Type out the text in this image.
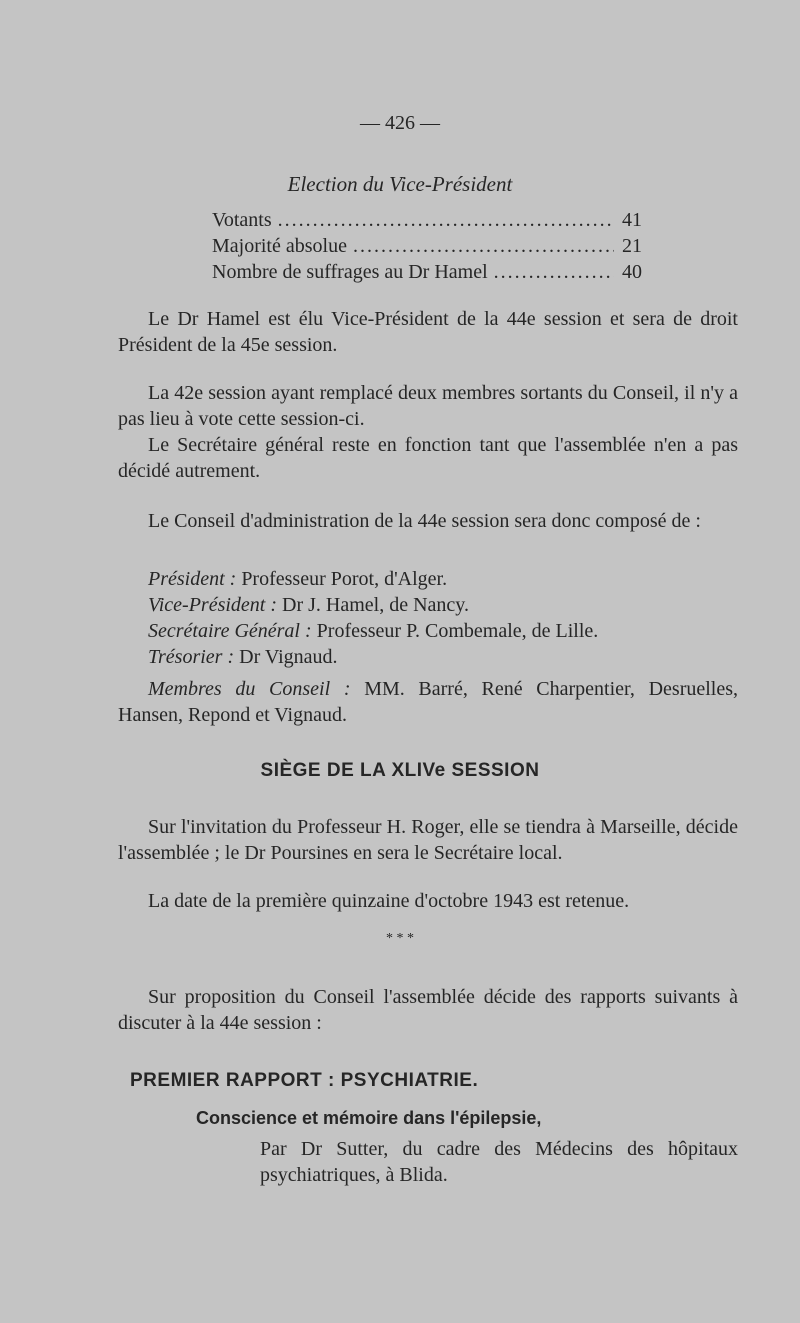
— 426 —
Election du Vice-Président
Votants .....	41
Majorité absolue .....	21
Nombre de suffrages au Dr Hamel .....	40

Le Dr Hamel est élu Vice-Président de la 44e session et sera de droit Président de la 45e session.

La 42e session ayant remplacé deux membres sortants du Conseil, il n'y a pas lieu à vote cette session-ci.

Le Secrétaire général reste en fonction tant que l'assemblée n'en a pas décidé autrement.

Le Conseil d'administration de la 44e session sera donc composé de :

Président : Professeur Porot, d'Alger.
Vice-Président : Dr J. Hamel, de Nancy.
Secrétaire Général : Professeur P. Combemale, de Lille.
Trésorier : Dr Vignaud.

Membres du Conseil : MM. Barré, René Charpentier, Desruelles, Hansen, Repond et Vignaud.

SIÈGE DE LA XLIVe SESSION

Sur l'invitation du Professeur H. Roger, elle se tiendra à Marseille, décide l'assemblée ; le Dr Poursines en sera le Secrétaire local.

La date de la première quinzaine d'octobre 1943 est retenue.

* * *

Sur proposition du Conseil l'assemblée décide des rapports suivants à discuter à la 44e session :

PREMIER RAPPORT : PSYCHIATRIE.
Conscience et mémoire dans l'épilepsie,

Par Dr Sutter, du cadre des Médecins des hôpitaux psychiatriques, à Blida.
